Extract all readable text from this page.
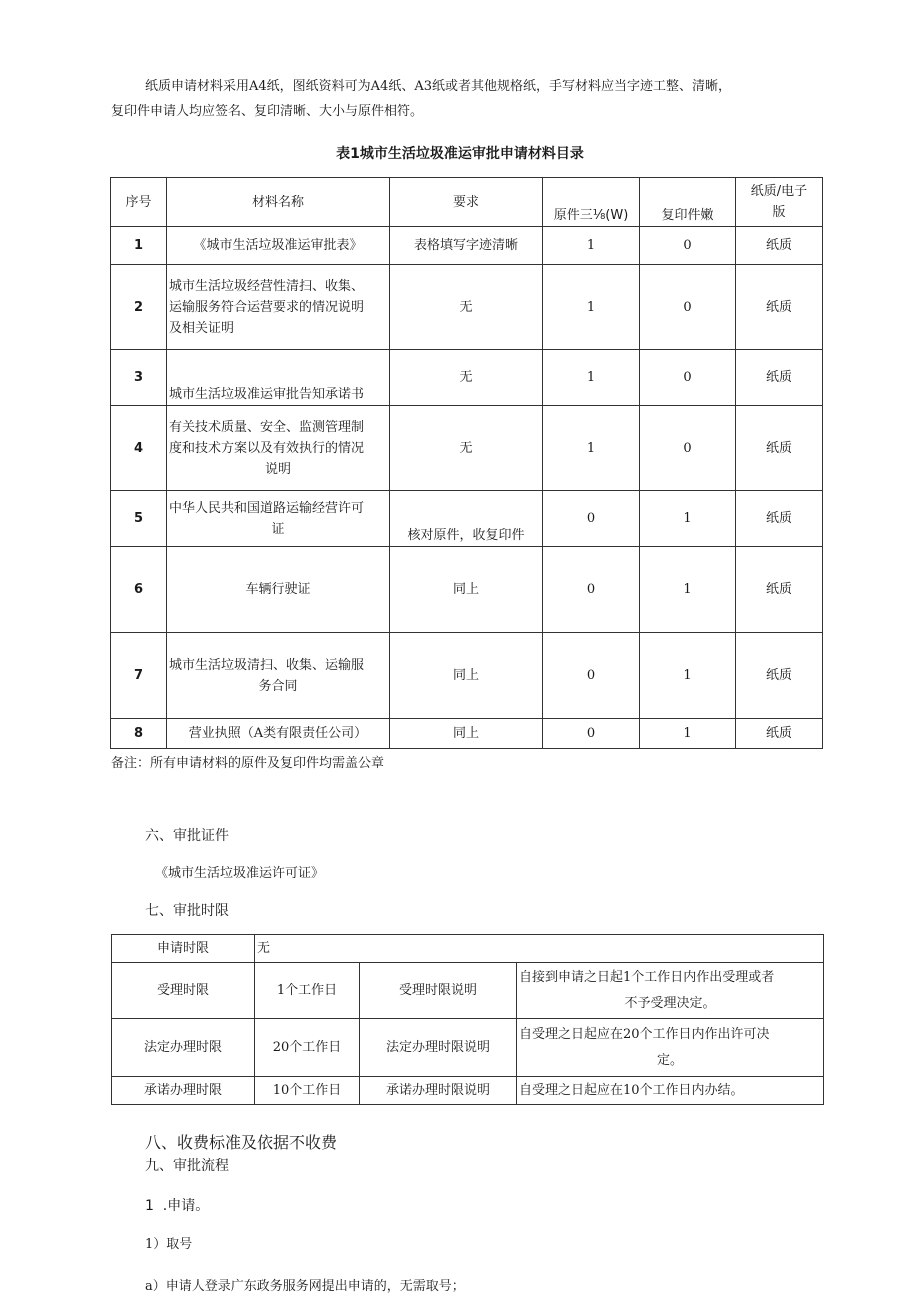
纸质申请材料采用A4纸，图纸资料可为A4纸、A3纸或者其他规格纸，手写材料应当字迹工整、清晰，
复印件申请人均应签名、复印清晰、大小与原件相符。
表1城市生活垃圾准运审批申请材料目录
序号	材料名称	要求	原件三⅛(W)	复印件嫩	纸质/电子
版

1	《城市生活垃圾准运审批表》	表格填写字迹清晰	1	0	纸质
2	城市生活垃圾经营性清扫、收集、
运输服务符合运营要求的情况说明
及相关证明	无	1	0	纸质
3	城市生活垃圾准运审批告知承诺书	无	1	0	纸质
4	有关技术质量、安全、监测管理制
度和技术方案以及有效执行的情况
说明	无	1	0	纸质
5	中华人民共和国道路运输经营许可
证	核对原件，收复印件	0	1	纸质
6	车辆行驶证	同上	0	1	纸质
7	城市生活垃圾清扫、收集、运输服
务合同	同上	0	1	纸质
8	营业执照（A类有限责任公司）	同上	0	1	纸质
备注：所有申请材料的原件及复印件均需盖公章
六、审批证件
《城市生活垃圾准运许可证》
七、审批时限
申请时限	无		
受理时限	1个工作日	受理时限说明	自接到申请之日起1个工作日内作出受理或者
不予受理决定。

法定办理时限	20个工作日	法定办理时限说明	自受理之日起应在20个工作日内作出许可决
定。

承诺办理时限	10个工作日	承诺办理时限说明	自受理之日起应在10个工作日内办结。
八、收费标准及依据不收费
九、审批流程
1  .申请。
1）取号
a）申请人登录广东政务服务网提出申请的，无需取号；
